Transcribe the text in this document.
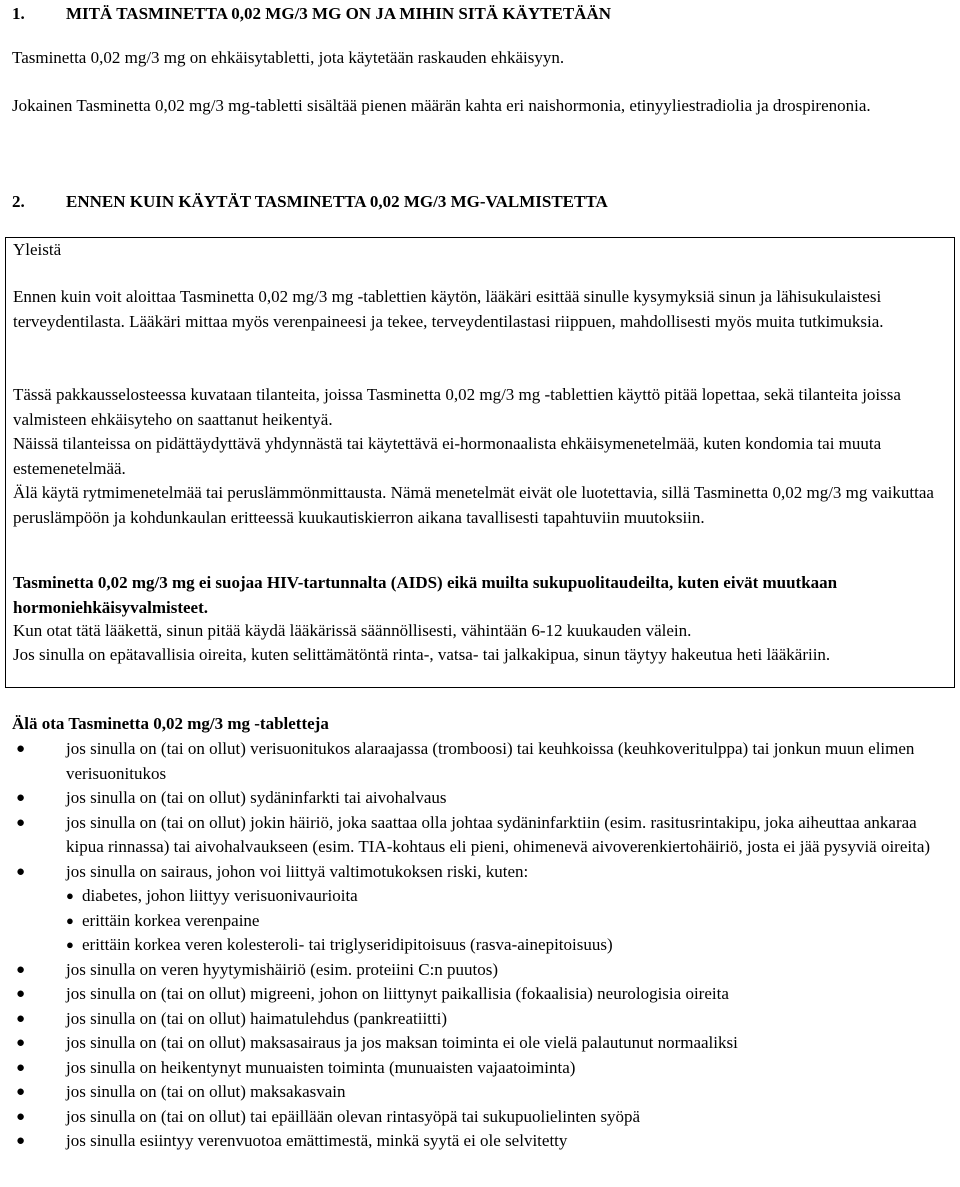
1. MITÄ TASMINETTA 0,02 MG/3 MG ON JA MIHIN SITÄ KÄYTETÄÄN

Tasminetta 0,02 mg/3 mg on ehkäisytabletti, jota käytetään raskauden ehkäisyyn.

Jokainen Tasminetta 0,02 mg/3 mg-tabletti sisältää pienen määrän kahta eri naishormonia, etinyyliestradiolia ja drospirenonia.

2. ENNEN KUIN KÄYTÄT TASMINETTA 0,02 MG/3 MG-VALMISTETTA

Yleistä

Ennen kuin voit aloittaa Tasminetta 0,02 mg/3 mg -tablettien käytön, lääkäri esittää sinulle kysymyksiä sinun ja lähisukulaistesi terveydentilasta. Lääkäri mittaa myös verenpaineesi ja tekee, terveydentilastasi riippuen, mahdollisesti myös muita tutkimuksia.

Tässä pakkausselosteessa kuvataan tilanteita, joissa Tasminetta 0,02 mg/3 mg -tablettien käyttö pitää lopettaa, sekä tilanteita joissa valmisteen ehkäisyteho on saattanut heikentyä.

Näissä tilanteissa on pidättäydyttävä yhdynnästä tai käytettävä ei-hormonaalista ehkäisymenetelmää, kuten kondomia tai muuta estemenetelmää.

Älä käytä rytmimenetelmää tai peruslämmönmittausta. Nämä menetelmät eivät ole luotettavia, sillä Tasminetta 0,02 mg/3 mg vaikuttaa peruslämpöön ja kohdunkaulan eritteessä kuukautiskierron aikana tavallisesti tapahtuviin muutoksiin.

Tasminetta 0,02 mg/3 mg ei suojaa HIV-tartunnalta (AIDS) eikä muilta sukupuolitaudeilta, kuten eivät muutkaan hormoniehkäisyvalmisteet.

Kun otat tätä lääkettä, sinun pitää käydä lääkärissä säännöllisesti, vähintään 6-12 kuukauden välein.

Jos sinulla on epätavallisia oireita, kuten selittämätöntä rinta-, vatsa- tai jalkakipua, sinun täytyy hakeutua heti lääkäriin.

Älä ota Tasminetta 0,02 mg/3 mg -tabletteja

● jos sinulla on (tai on ollut) verisuonitukos alaraajassa (tromboosi) tai keuhkoissa (keuhkoveritulppa) tai jonkun muun elimen verisuonitukos
● jos sinulla on (tai on ollut) sydäninfarkti tai aivohalvaus
● jos sinulla on (tai on ollut) jokin häiriö, joka saattaa olla johtaa sydäninfarktiin (esim. rasitusrintakipu, joka aiheuttaa ankaraa kipua rinnassa) tai aivohalvaukseen (esim. TIA-kohtaus eli pieni, ohimenevä aivoverenkiertohäiriö, josta ei jää pysyviä oireita)
● jos sinulla on sairaus, johon voi liittyä valtimotukoksen riski, kuten:
● diabetes, johon liittyy verisuonivaurioita
● erittäin korkea verenpaine
● erittäin korkea veren kolesteroli- tai triglyseridipitoisuus (rasva-ainepitoisuus)
● jos sinulla on veren hyytymishäiriö (esim. proteiini C:n puutos)
● jos sinulla on (tai on ollut) migreeni, johon on liittynyt paikallisia (fokaalisia) neurologisia oireita
● jos sinulla on (tai on ollut) haimatulehdus (pankreatiitti)
● jos sinulla on (tai on ollut) maksasairaus ja jos maksan toiminta ei ole vielä palautunut normaaliksi
● jos sinulla on heikentynyt munuaisten toiminta (munuaisten vajaatoiminta)
● jos sinulla on (tai on ollut) maksakasvain
● jos sinulla on (tai on ollut) tai epäillään olevan rintasyöpä tai sukupuolielinten syöpä
● jos sinulla esiintyy verenvuotoa emättimestä, minkä syytä ei ole selvitetty
